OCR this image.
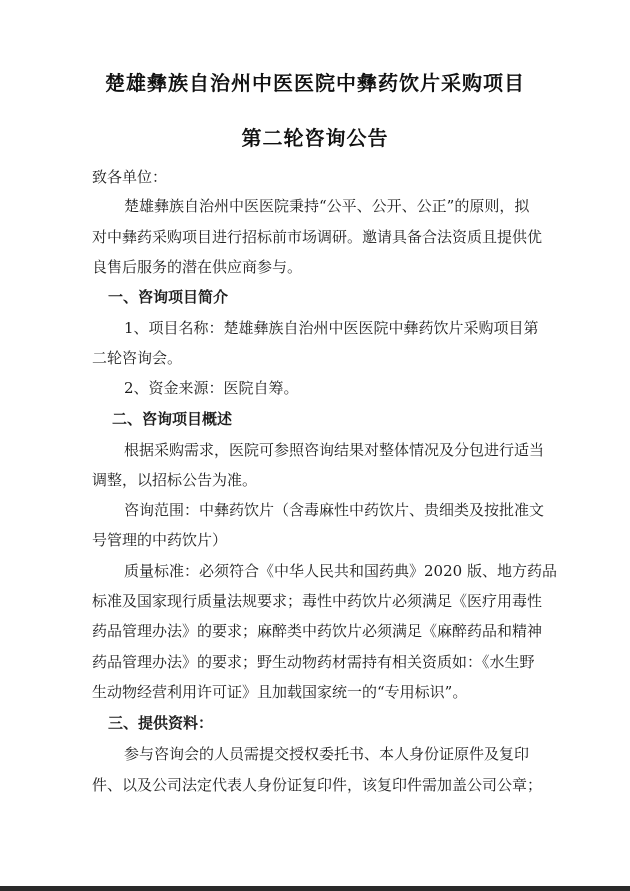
楚雄彝族自治州中医医院中彝药饮片采购项目
第二轮咨询公告
致各单位：
楚雄彝族自治州中医医院秉持“公平、公开、公正”的原则，拟
对中彝药采购项目进行招标前市场调研。邀请具备合法资质且提供优
良售后服务的潜在供应商参与。
一、咨询项目简介
1、项目名称：楚雄彝族自治州中医医院中彝药饮片采购项目第
二轮咨询会。
2、资金来源：医院自筹。
二、咨询项目概述
根据采购需求，医院可参照咨询结果对整体情况及分包进行适当
调整，以招标公告为准。
咨询范围：中彝药饮片（含毒麻性中药饮片、贵细类及按批准文
号管理的中药饮片）
质量标准：必须符合《中华人民共和国药典》2020 版、地方药品
标准及国家现行质量法规要求；毒性中药饮片必须满足《医疗用毒性
药品管理办法》的要求；麻醉类中药饮片必须满足《麻醉药品和精神
药品管理办法》的要求；野生动物药材需持有相关资质如：《水生野
生动物经营利用许可证》且加载国家统一的“专用标识”。
三、提供资料：
参与咨询会的人员需提交授权委托书、本人身份证原件及复印
件、以及公司法定代表人身份证复印件，该复印件需加盖公司公章；
